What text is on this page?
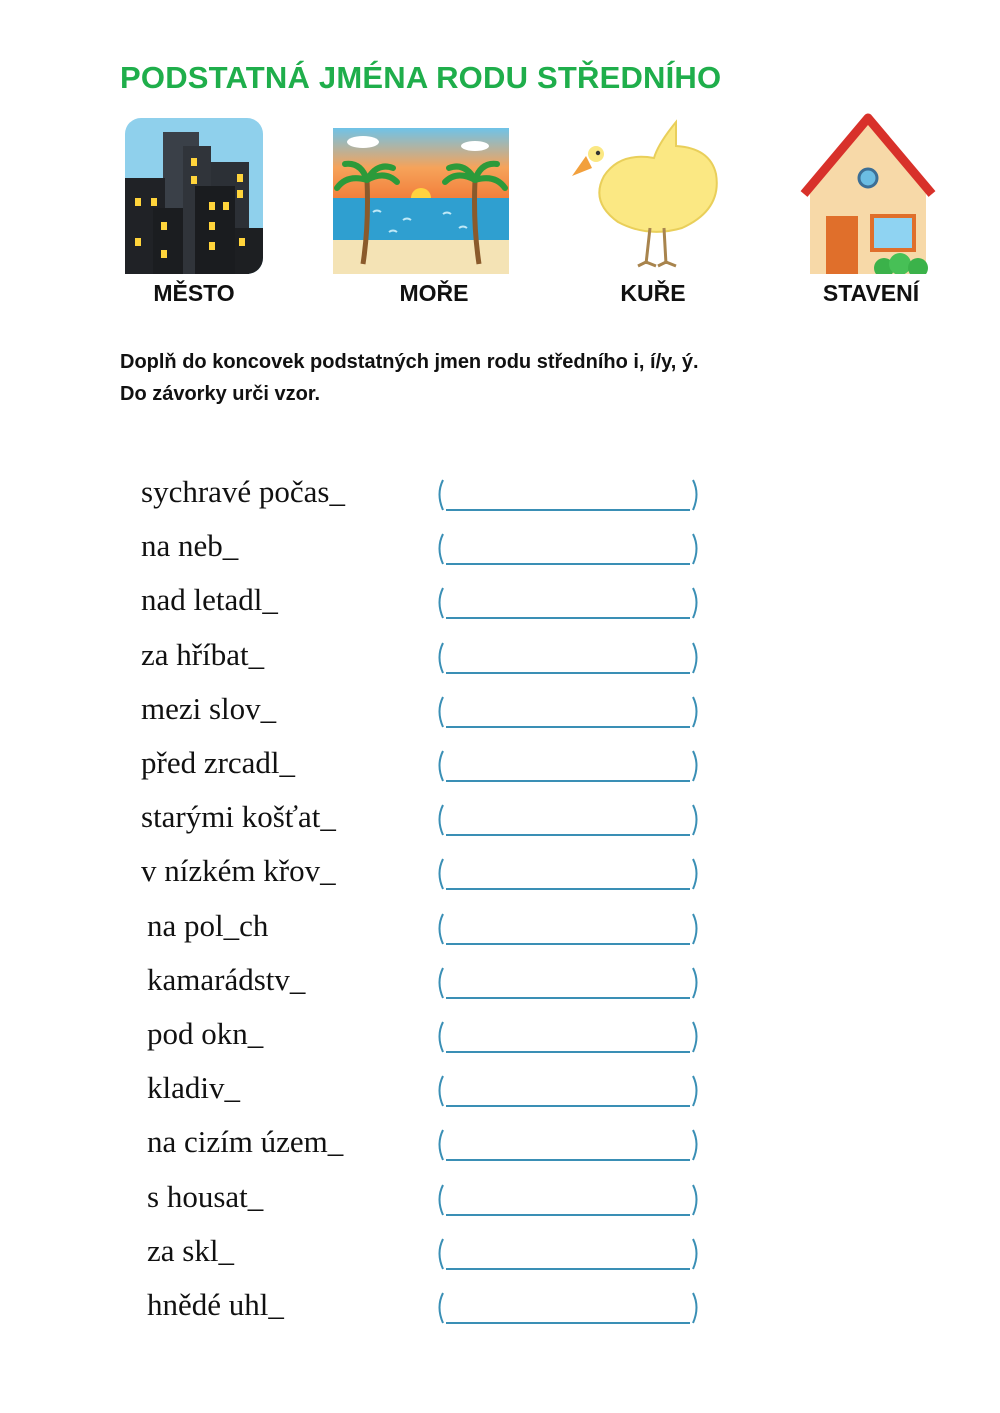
PODSTATNÁ JMÉNA RODU STŘEDNÍHO
MĚSTO	MOŘE	KUŘE	STAVENÍ
Doplň do koncovek podstatných jmen rodu středního i, í/y, ý.
Do závorky urči vzor.
sychravé počas_
na neb_
nad letadl_
za hříbat_
mezi slov_
před zrcadl_
starými košťat_
v nízkém křov_
na pol_ch
kamarádstv_
pod okn_
kladiv_
na cizím územ_
s housat_
za skl_
hnědé uhl_
